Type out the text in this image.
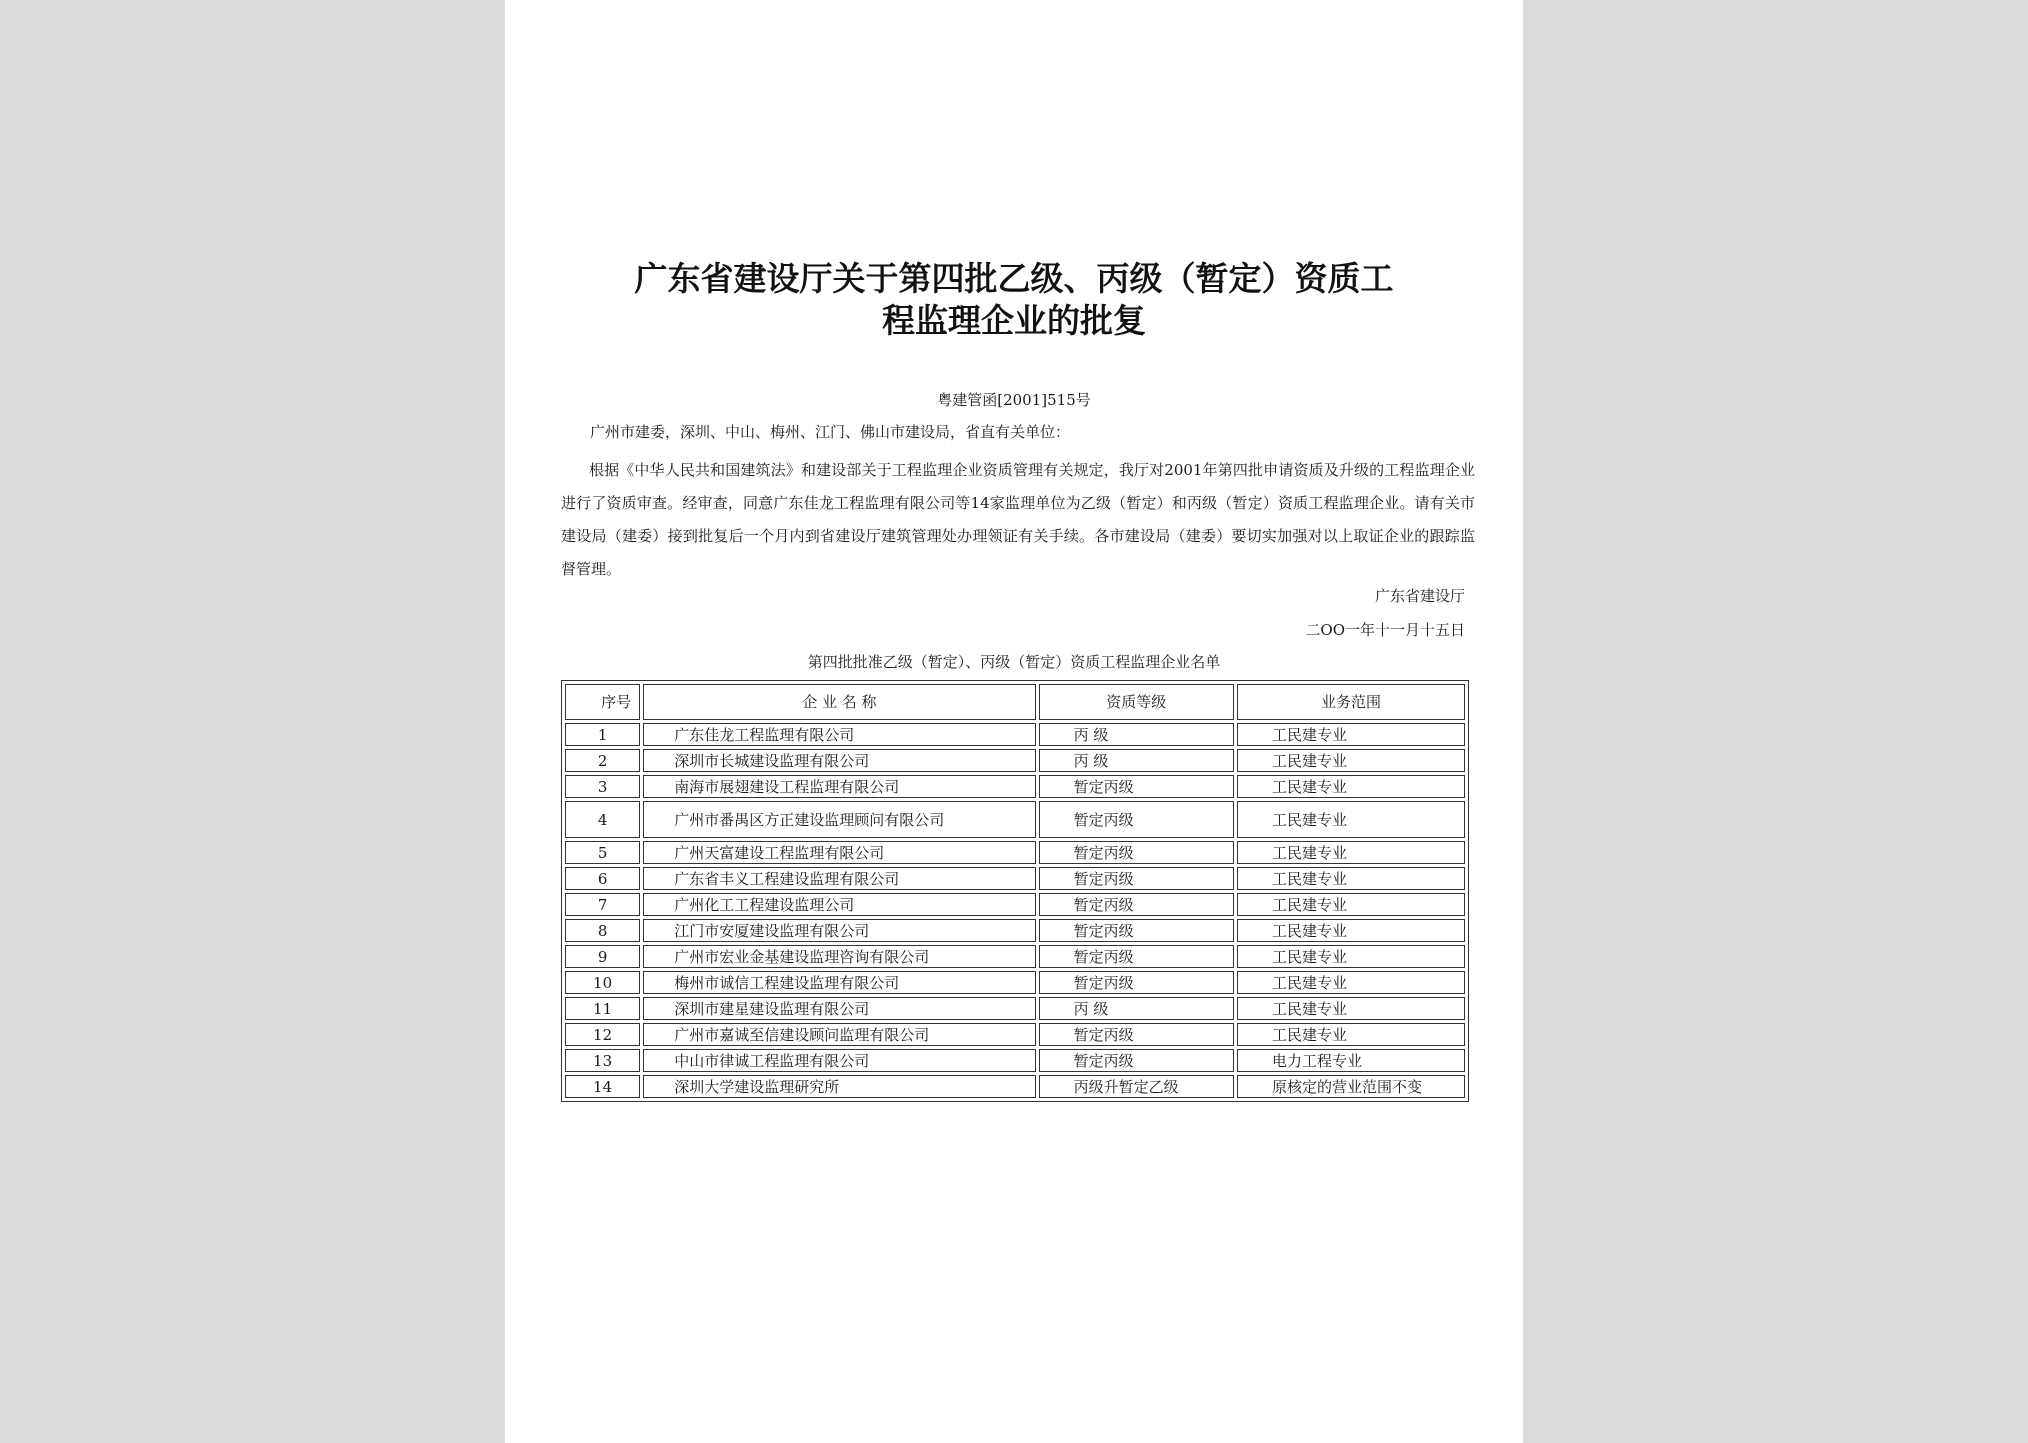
广东省建设厅关于第四批乙级、丙级（暂定）资质工
程监理企业的批复
粤建管函[2001]515号
广州市建委，深圳、中山、梅州、江门、佛山市建设局，省直有关单位：
根据《中华人民共和国建筑法》和建设部关于工程监理企业资质管理有关规定，我厅对2001年第四批申请资质及升级的工程监理企业进行了资质审查。经审查，同意广东佳龙工程监理有限公司等14家监理单位为乙级（暂定）和丙级（暂定）资质工程监理企业。请有关市建设局（建委）接到批复后一个月内到省建设厅建筑管理处办理领证有关手续。各市建设局（建委）要切实加强对以上取证企业的跟踪监督管理。
广东省建设厅
二OO一年十一月十五日
第四批批准乙级（暂定）、丙级（暂定）资质工程监理企业名单
序号	企 业 名 称	资质等级	业务范围
1	广东佳龙工程监理有限公司	丙 级	工民建专业
2	深圳市长城建设监理有限公司	丙 级	工民建专业
3	南海市展翅建设工程监理有限公司	暂定丙级	工民建专业
4	广州市番禺区方正建设监理顾问有限公司	暂定丙级	工民建专业
5	广州天富建设工程监理有限公司	暂定丙级	工民建专业
6	广东省丰义工程建设监理有限公司	暂定丙级	工民建专业
7	广州化工工程建设监理公司	暂定丙级	工民建专业
8	江门市安厦建设监理有限公司	暂定丙级	工民建专业
9	广州市宏业金基建设监理咨询有限公司	暂定丙级	工民建专业
10	梅州市诚信工程建设监理有限公司	暂定丙级	工民建专业
11	深圳市建星建设监理有限公司	丙 级	工民建专业
12	广州市嘉诚至信建设顾问监理有限公司	暂定丙级	工民建专业
13	中山市律诚工程监理有限公司	暂定丙级	电力工程专业
14	深圳大学建设监理研究所	丙级升暂定乙级	原核定的营业范围不变
